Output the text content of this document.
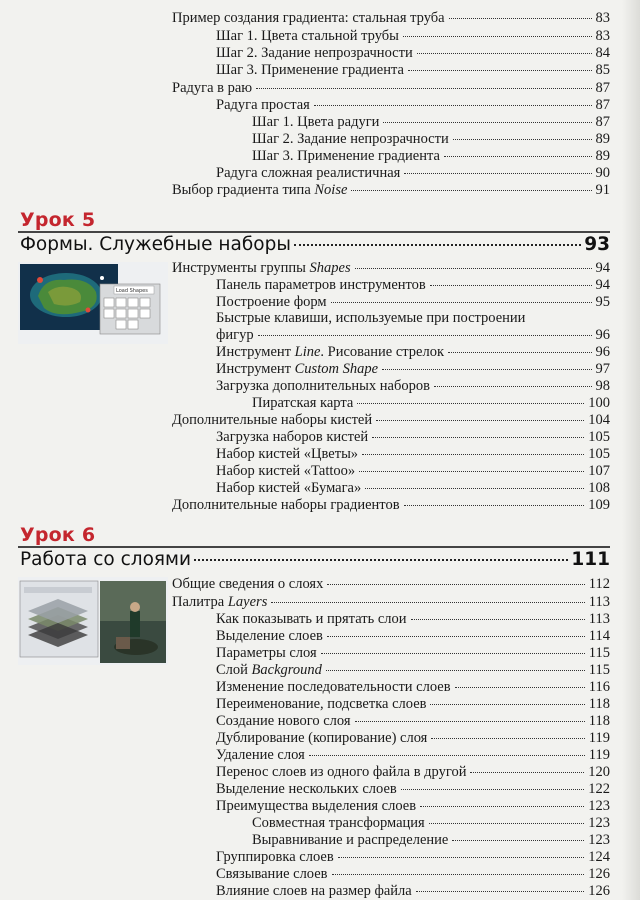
Пример создания градиента: стальная труба	83
Шаг 1. Цвета стальной трубы	83
Шаг 2. Задание непрозрачности	84
Шаг 3. Применение градиента	85
Радуга в раю	87
Радуга простая	87
Шаг 1. Цвета радуги	87
Шаг 2. Задание непрозрачности	89
Шаг 3. Применение градиента	89
Радуга сложная реалистичная	90
Выбор градиента типа Noise	91
Урок 5
Формы. Служебные наборы	93
Load Shapes
Инструменты группы Shapes	94
Панель параметров инструментов	94
Построение форм	95
Быстрые клавиши, используемые при построении
фигур	96
Инструмент Line. Рисование стрелок	96
Инструмент Custom Shape	97
Загрузка дополнительных наборов	98
Пиратская карта	100
Дополнительные наборы кистей	104
Загрузка наборов кистей	105
Набор кистей «Цветы»	105
Набор кистей «Tattoo»	107
Набор кистей «Бумага»	108
Дополнительные наборы градиентов	109
Урок 6
Работа со слоями	111
Общие сведения о слоях	112
Палитра Layers	113
Как показывать и прятать слои	113
Выделение слоев	114
Параметры слоя	115
Слой Background	115
Изменение последовательности слоев	116
Переименование, подсветка слоев	118
Создание нового слоя	118
Дублирование (копирование) слоя	119
Удаление слоя	119
Перенос слоев из одного файла в другой	120
Выделение нескольких слоев	122
Преимущества выделения слоев	123
Совместная трансформация	123
Выравнивание и распределение	123
Группировка слоев	124
Связывание слоев	126
Влияние слоев на размер файла	126
